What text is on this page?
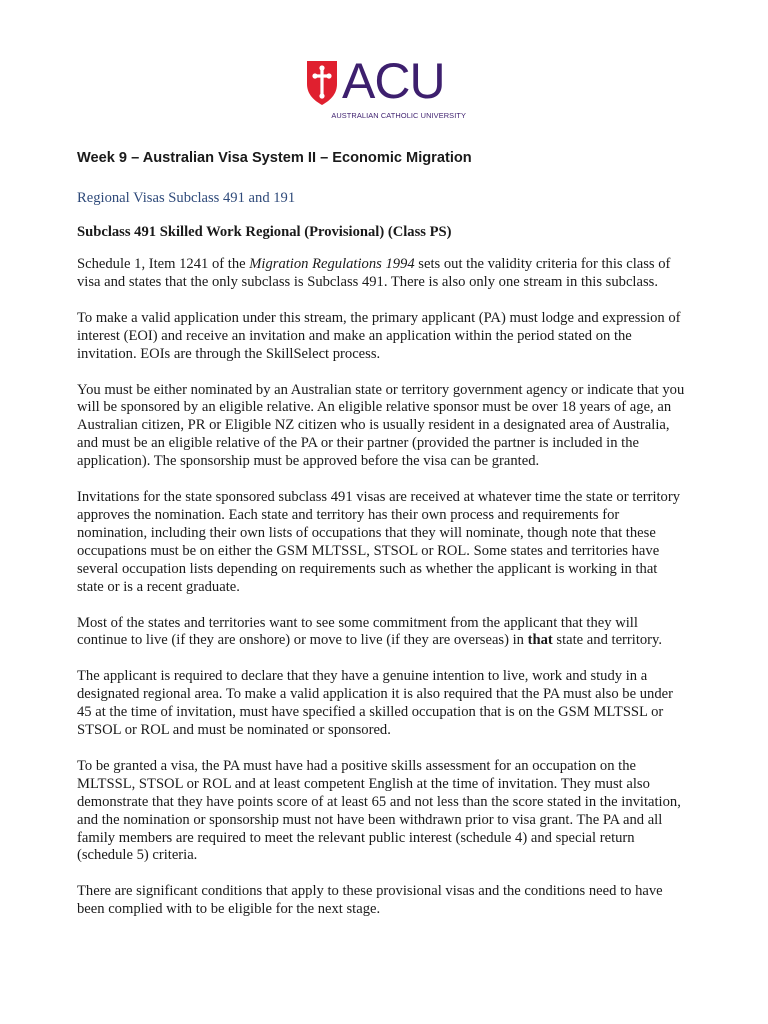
ACU
AUSTRALIAN CATHOLIC UNIVERSITY
Week 9 – Australian Visa System II – Economic Migration
Regional Visas Subclass 491 and 191
Subclass 491 Skilled Work Regional (Provisional) (Class PS)

Schedule 1, Item 1241 of the Migration Regulations 1994 sets out the validity criteria for this class of visa and states that the only subclass is Subclass 491. There is also only one stream in this subclass.

To make a valid application under this stream, the primary applicant (PA) must lodge and expression of interest (EOI) and receive an invitation and make an application within the period stated on the invitation. EOIs are through the SkillSelect process.

You must be either nominated by an Australian state or territory government agency or indicate that you will be sponsored by an eligible relative. An eligible relative sponsor must be over 18 years of age, an Australian citizen, PR or Eligible NZ citizen who is usually resident in a designated area of Australia, and must be an eligible relative of the PA or their partner (provided the partner is included in the application). The sponsorship must be approved before the visa can be granted.

Invitations for the state sponsored subclass 491 visas are received at whatever time the state or territory approves the nomination. Each state and territory has their own process and requirements for nomination, including their own lists of occupations that they will nominate, though note that these occupations must be on either the GSM MLTSSL, STSOL or ROL. Some states and territories have several occupation lists depending on requirements such as whether the applicant is working in that state or is a recent graduate.

Most of the states and territories want to see some commitment from the applicant that they will continue to live (if they are onshore) or move to live (if they are overseas) in that state and territory.

The applicant is required to declare that they have a genuine intention to live, work and study in a designated regional area. To make a valid application it is also required that the PA must also be under 45 at the time of invitation, must have specified a skilled occupation that is on the GSM MLTSSL or STSOL or ROL and must be nominated or sponsored.

To be granted a visa, the PA must have had a positive skills assessment for an occupation on the MLTSSL, STSOL or ROL and at least competent English at the time of invitation. They must also demonstrate that they have points score of at least 65 and not less than the score stated in the invitation, and the nomination or sponsorship must not have been withdrawn prior to visa grant. The PA and all family members are required to meet the relevant public interest (schedule 4) and special return (schedule 5) criteria.

There are significant conditions that apply to these provisional visas and the conditions need to have been complied with to be eligible for the next stage.
